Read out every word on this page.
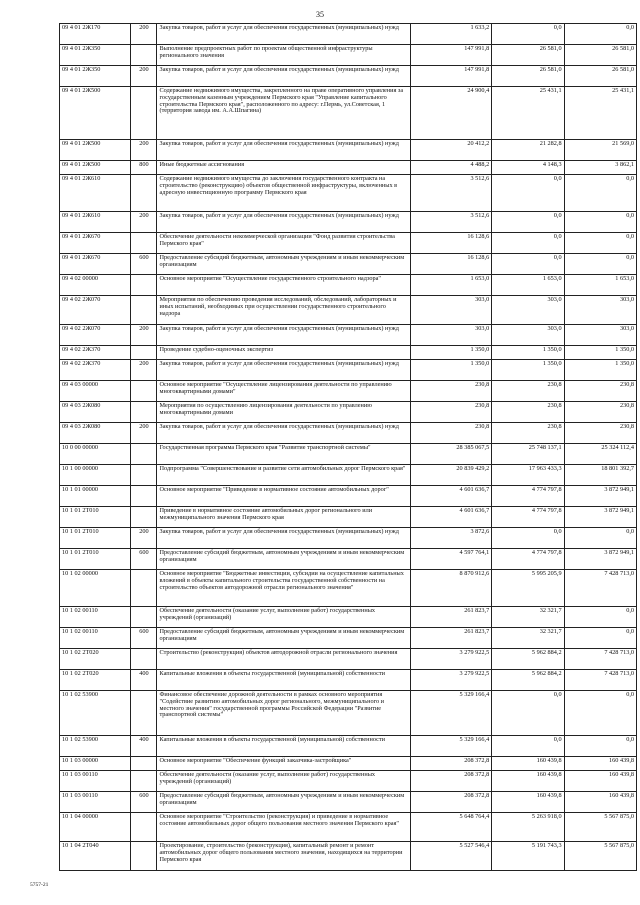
35
09 4 01 2Ж170	200	Закупка товаров, работ и услуг для обеспечения государственных (муниципальных) нужд	1 633,2	0,0	0,0
09 4 01 2Ж350		Выполнение предпроектных работ по проектам общественной инфраструктуры регионального значения	147 991,8	26 581,0	26 581,0
09 4 01 2Ж350	200	Закупка товаров, работ и услуг для обеспечения государственных (муниципальных) нужд	147 991,8	26 581,0	26 581,0
09 4 01 2Ж500		Содержание недвижимого имущества, закрепленного на праве оперативного управления за государственным казенным учреждением Пермского края "Управление капитального строительства Пермского края", расположенного по адресу: г.Пермь, ул.Советская, 1 (территория завода им. А.А.Шпагина)	24 900,4	25 431,1	25 431,1
09 4 01 2Ж500	200	Закупка товаров, работ и услуг для обеспечения государственных (муниципальных) нужд	20 412,2	21 282,8	21 569,0
09 4 01 2Ж500	800	Иные бюджетные ассигнования	4 488,2	4 148,3	3 862,1
09 4 01 2Ж610		Содержание недвижимого имущества до заключения государственного контракта на строительство (реконструкцию) объектов общественной инфраструктуры, включенных в адресную инвестиционную программу Пермского края	3 512,6	0,0	0,0
09 4 01 2Ж610	200	Закупка товаров, работ и услуг для обеспечения государственных (муниципальных) нужд	3 512,6	0,0	0,0
09 4 01 2Ж670		Обеспечение деятельности некоммерческой организации "Фонд развития строительства Пермского края"	16 128,6	0,0	0,0
09 4 01 2Ж670	600	Предоставление субсидий бюджетным, автономным учреждениям и иным некоммерческим организациям	16 128,6	0,0	0,0
09 4 02 00000		Основное мероприятие "Осуществление государственного строительного надзора"	1 653,0	1 653,0	1 653,0
09 4 02 2Ж070		Мероприятия по обеспечению проведения исследований, обследований, лабораторных и иных испытаний, необходимых при осуществлении государственного строительного надзора	303,0	303,0	303,0
09 4 02 2Ж070	200	Закупка товаров, работ и услуг для обеспечения государственных (муниципальных) нужд	303,0	303,0	303,0
09 4 02 2Ж370		Проведение судебно-оценочных экспертиз	1 350,0	1 350,0	1 350,0
09 4 02 2Ж370	200	Закупка товаров, работ и услуг для обеспечения государственных (муниципальных) нужд	1 350,0	1 350,0	1 350,0
09 4 03 00000		Основное мероприятие "Осуществление лицензирования деятельности по управлению многоквартирными домами"	230,8	230,8	230,8
09 4 03 2Ж080		Мероприятия по осуществлению лицензирования деятельности по управлению многоквартирными домами	230,8	230,8	230,8
09 4 03 2Ж080	200	Закупка товаров, работ и услуг для обеспечения государственных (муниципальных) нужд	230,8	230,8	230,8
10 0 00 00000		Государственная программа Пермского края "Развитие транспортной системы"	28 385 067,5	25 748 137,1	25 324 112,4
10 1 00 00000		Подпрограмма "Совершенствование и развитие сети автомобильных дорог Пермского края"	20 839 429,2	17 963 433,3	18 801 392,7
10 1 01 00000		Основное мероприятие "Приведение в нормативное состояние автомобильных дорог"	4 601 636,7	4 774 797,8	3 872 949,1
10 1 01 2Т010		Приведение в нормативное состояние автомобильных дорог регионального или межмуниципального значения Пермского края	4 601 636,7	4 774 797,8	3 872 949,1
10 1 01 2Т010	200	Закупка товаров, работ и услуг для обеспечения государственных (муниципальных) нужд	3 872,6	0,0	0,0
10 1 01 2Т010	600	Предоставление субсидий бюджетным, автономным учреждениям и иным некоммерческим организациям	4 597 764,1	4 774 797,8	3 872 949,1
10 1 02 00000		Основное мероприятие "Бюджетные инвестиции, субсидии на осуществление капитальных вложений в объекты капитального строительства государственной собственности на строительство объектов автодорожной отрасли регионального значения"	8 870 912,6	5 995 205,9	7 428 713,0
10 1 02 00110		Обеспечение деятельности (оказание услуг, выполнение работ) государственных учреждений (организаций)	261 823,7	32 321,7	0,0
10 1 02 00110	600	Предоставление субсидий бюджетным, автономным учреждениям и иным некоммерческим организациям	261 823,7	32 321,7	0,0
10 1 02 2Т020		Строительство (реконструкция) объектов автодорожной отрасли регионального значения	3 279 922,5	5 962 884,2	7 428 713,0
10 1 02 2Т020	400	Капитальные вложения в объекты государственной (муниципальной) собственности	3 279 922,5	5 962 884,2	7 428 713,0
10 1 02 53900		Финансовое обеспечение дорожной деятельности в рамках основного мероприятия "Содействие развитию автомобильных дорог регионального, межмуниципального и местного значения" государственной программы Российской Федерации "Развитие транспортной системы"	5 329 166,4	0,0	0,0
10 1 02 53900	400	Капитальные вложения в объекты государственной (муниципальной) собственности	5 329 166,4	0,0	0,0
10 1 03 00000		Основное мероприятие "Обеспечение функций заказчика-застройщика"	208 372,8	160 439,8	160 439,8
10 1 03 00110		Обеспечение деятельности (оказание услуг, выполнение работ) государственных учреждений (организаций)	208 372,8	160 439,8	160 439,8
10 1 03 00110	600	Предоставление субсидий бюджетным, автономным учреждениям и иным некоммерческим организациям	208 372,8	160 439,8	160 439,8
10 1 04 00000		Основное мероприятие "Строительство (реконструкция) и приведение в нормативное состояние автомобильных дорог общего пользования местного значения Пермского края"	5 648 764,4	5 263 918,0	5 567 875,0
10 1 04 2Т040		Проектирование, строительство (реконструкция), капитальный ремонт и ремонт автомобильных дорог общего пользования местного значения, находящихся на территории Пермского края	5 527 546,4	5 191 743,3	5 567 875,0
5757-21
